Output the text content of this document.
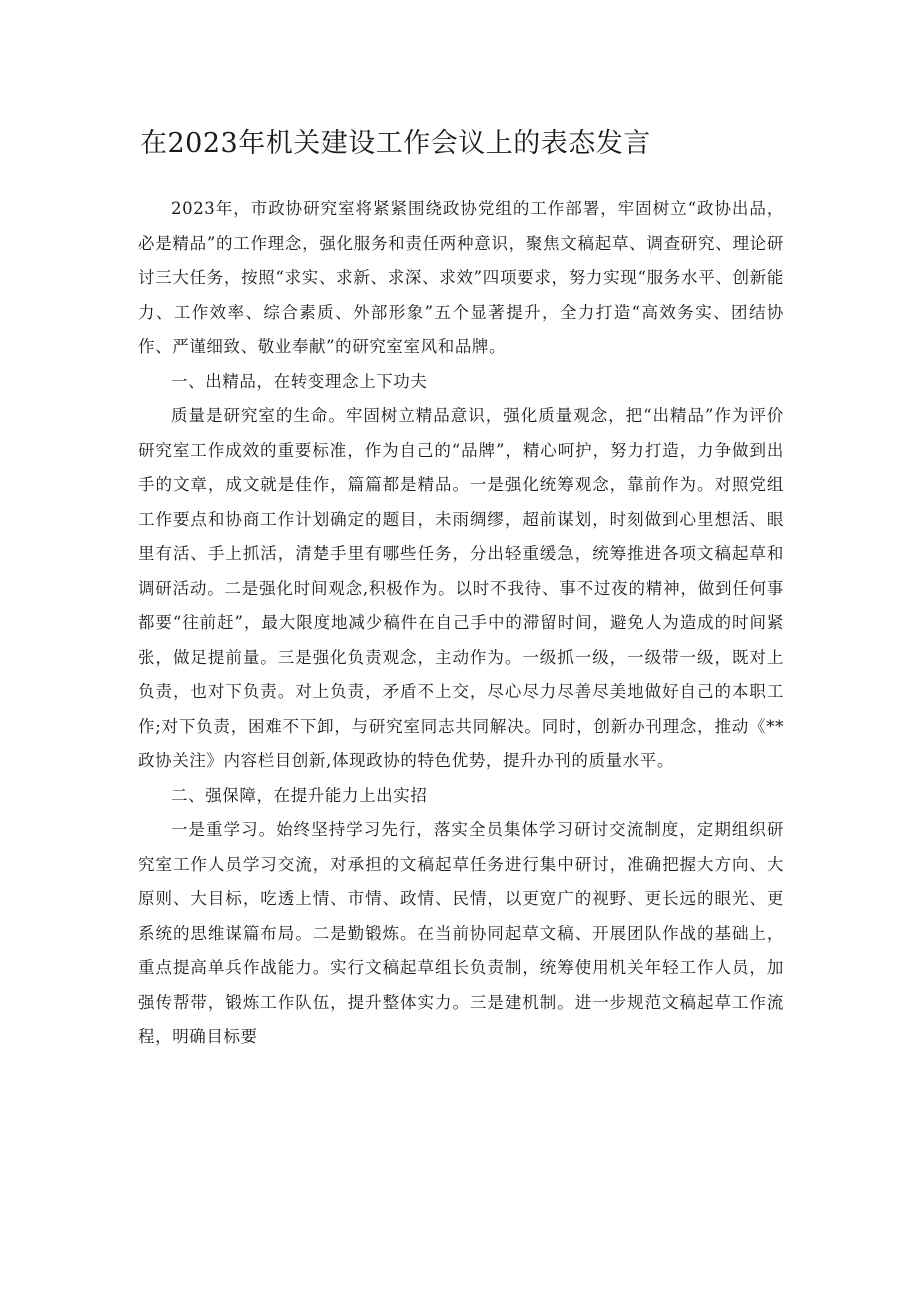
在2023年机关建设工作会议上的表态发言

2023年，市政协研究室将紧紧围绕政协党组的工作部署，牢固树立“政协出品，必是精品”的工作理念，强化服务和责任两种意识，聚焦文稿起草、调查研究、理论研讨三大任务，按照“求实、求新、求深、求效”四项要求，努力实现“服务水平、创新能力、工作效率、综合素质、外部形象”五个显著提升，全力打造“高效务实、团结协作、严谨细致、敬业奉献”的研究室室风和品牌。

一、出精品，在转变理念上下功夫

质量是研究室的生命。牢固树立精品意识，强化质量观念，把“出精品”作为评价研究室工作成效的重要标准，作为自己的“品牌”，精心呵护，努力打造，力争做到出手的文章，成文就是佳作，篇篇都是精品。一是强化统筹观念，靠前作为。对照党组工作要点和协商工作计划确定的题目，未雨绸缪，超前谋划，时刻做到心里想活、眼里有活、手上抓活，清楚手里有哪些任务，分出轻重缓急，统筹推进各项文稿起草和调研活动。二是强化时间观念,积极作为。以时不我待、事不过夜的精神，做到任何事都要“往前赶”，最大限度地减少稿件在自己手中的滞留时间，避免人为造成的时间紧张，做足提前量。三是强化负责观念，主动作为。一级抓一级，一级带一级，既对上负责，也对下负责。对上负责，矛盾不上交，尽心尽力尽善尽美地做好自己的本职工作;对下负责，困难不下卸，与研究室同志共同解决。同时，创新办刊理念，推动《**政协关注》内容栏目创新,体现政协的特色优势，提升办刊的质量水平。

二、强保障，在提升能力上出实招

一是重学习。始终坚持学习先行，落实全员集体学习研讨交流制度，定期组织研究室工作人员学习交流，对承担的文稿起草任务进行集中研讨，准确把握大方向、大原则、大目标，吃透上情、市情、政情、民情，以更宽广的视野、更长远的眼光、更系统的思维谋篇布局。二是勤锻炼。在当前协同起草文稿、开展团队作战的基础上，重点提高单兵作战能力。实行文稿起草组长负责制，统筹使用机关年轻工作人员，加强传帮带，锻炼工作队伍，提升整体实力。三是建机制。进一步规范文稿起草工作流程，明确目标要
